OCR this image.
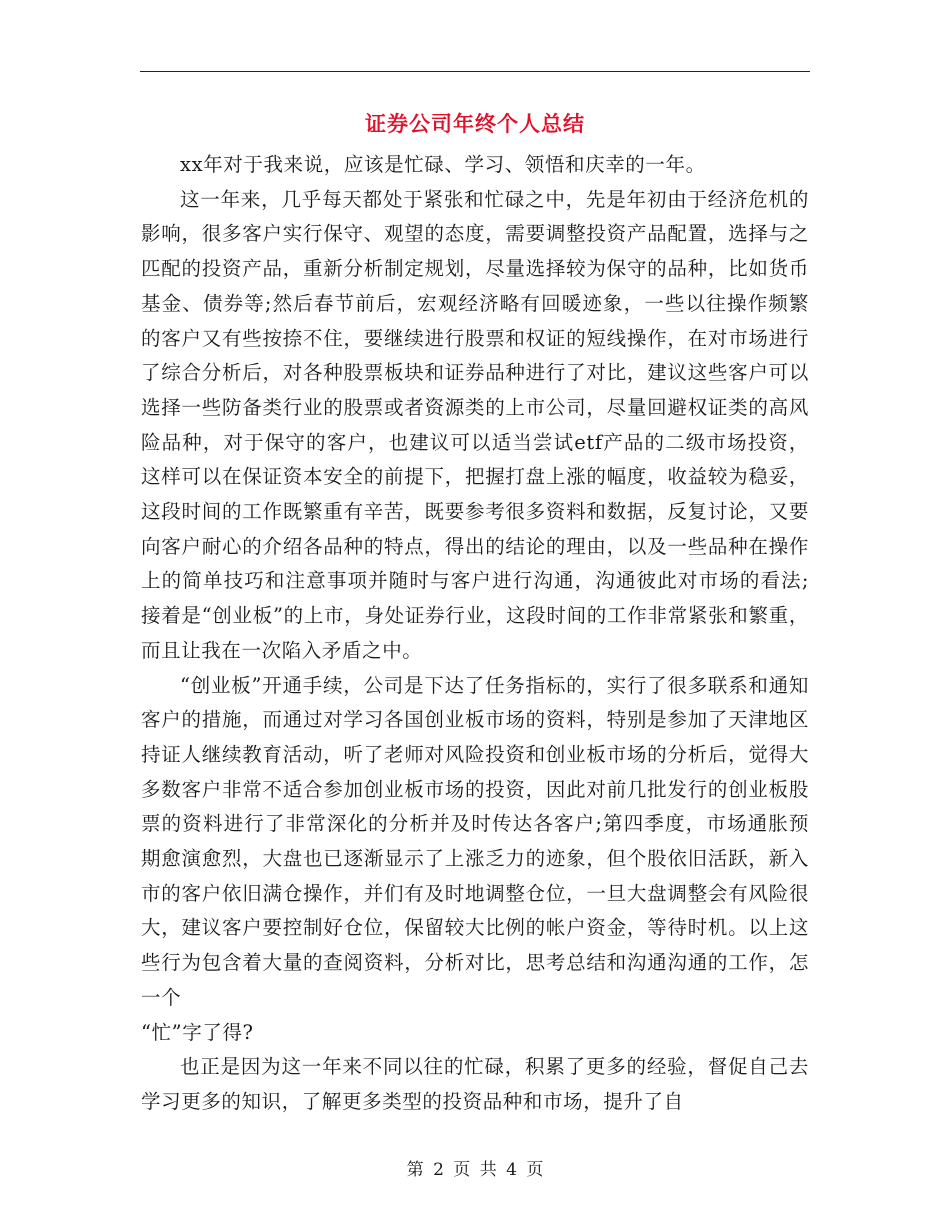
证券公司年终个人总结

xx年对于我来说，应该是忙碌、学习、领悟和庆幸的一年。

这一年来，几乎每天都处于紧张和忙碌之中，先是年初由于经济危机的影响，很多客户实行保守、观望的态度，需要调整投资产品配置，选择与之匹配的投资产品，重新分析制定规划，尽量选择较为保守的品种，比如货币基金、债券等;然后春节前后，宏观经济略有回暖迹象，一些以往操作频繁的客户又有些按捺不住，要继续进行股票和权证的短线操作，在对市场进行了综合分析后，对各种股票板块和证券品种进行了对比，建议这些客户可以选择一些防备类行业的股票或者资源类的上市公司，尽量回避权证类的高风险品种，对于保守的客户，也建议可以适当尝试etf产品的二级市场投资，这样可以在保证资本安全的前提下，把握打盘上涨的幅度，收益较为稳妥，这段时间的工作既繁重有辛苦，既要参考很多资料和数据，反复讨论，又要向客户耐心的介绍各品种的特点，得出的结论的理由，以及一些品种在操作上的简单技巧和注意事项并随时与客户进行沟通，沟通彼此对市场的看法;接着是“创业板”的上市，身处证券行业，这段时间的工作非常紧张和繁重，而且让我在一次陷入矛盾之中。

“创业板”开通手续，公司是下达了任务指标的，实行了很多联系和通知客户的措施，而通过对学习各国创业板市场的资料，特别是参加了天津地区持证人继续教育活动，听了老师对风险投资和创业板市场的分析后，觉得大多数客户非常不适合参加创业板市场的投资，因此对前几批发行的创业板股票的资料进行了非常深化的分析并及时传达各客户;第四季度，市场通胀预期愈演愈烈，大盘也已逐渐显示了上涨乏力的迹象，但个股依旧活跃，新入市的客户依旧满仓操作，并们有及时地调整仓位，一旦大盘调整会有风险很大，建议客户要控制好仓位，保留较大比例的帐户资金，等待时机。以上这些行为包含着大量的查阅资料，分析对比，思考总结和沟通沟通的工作，怎一个

“忙”字了得?

也正是因为这一年来不同以往的忙碌，积累了更多的经验，督促自己去学习更多的知识，了解更多类型的投资品种和市场，提升了自

第 2 页 共 4 页
